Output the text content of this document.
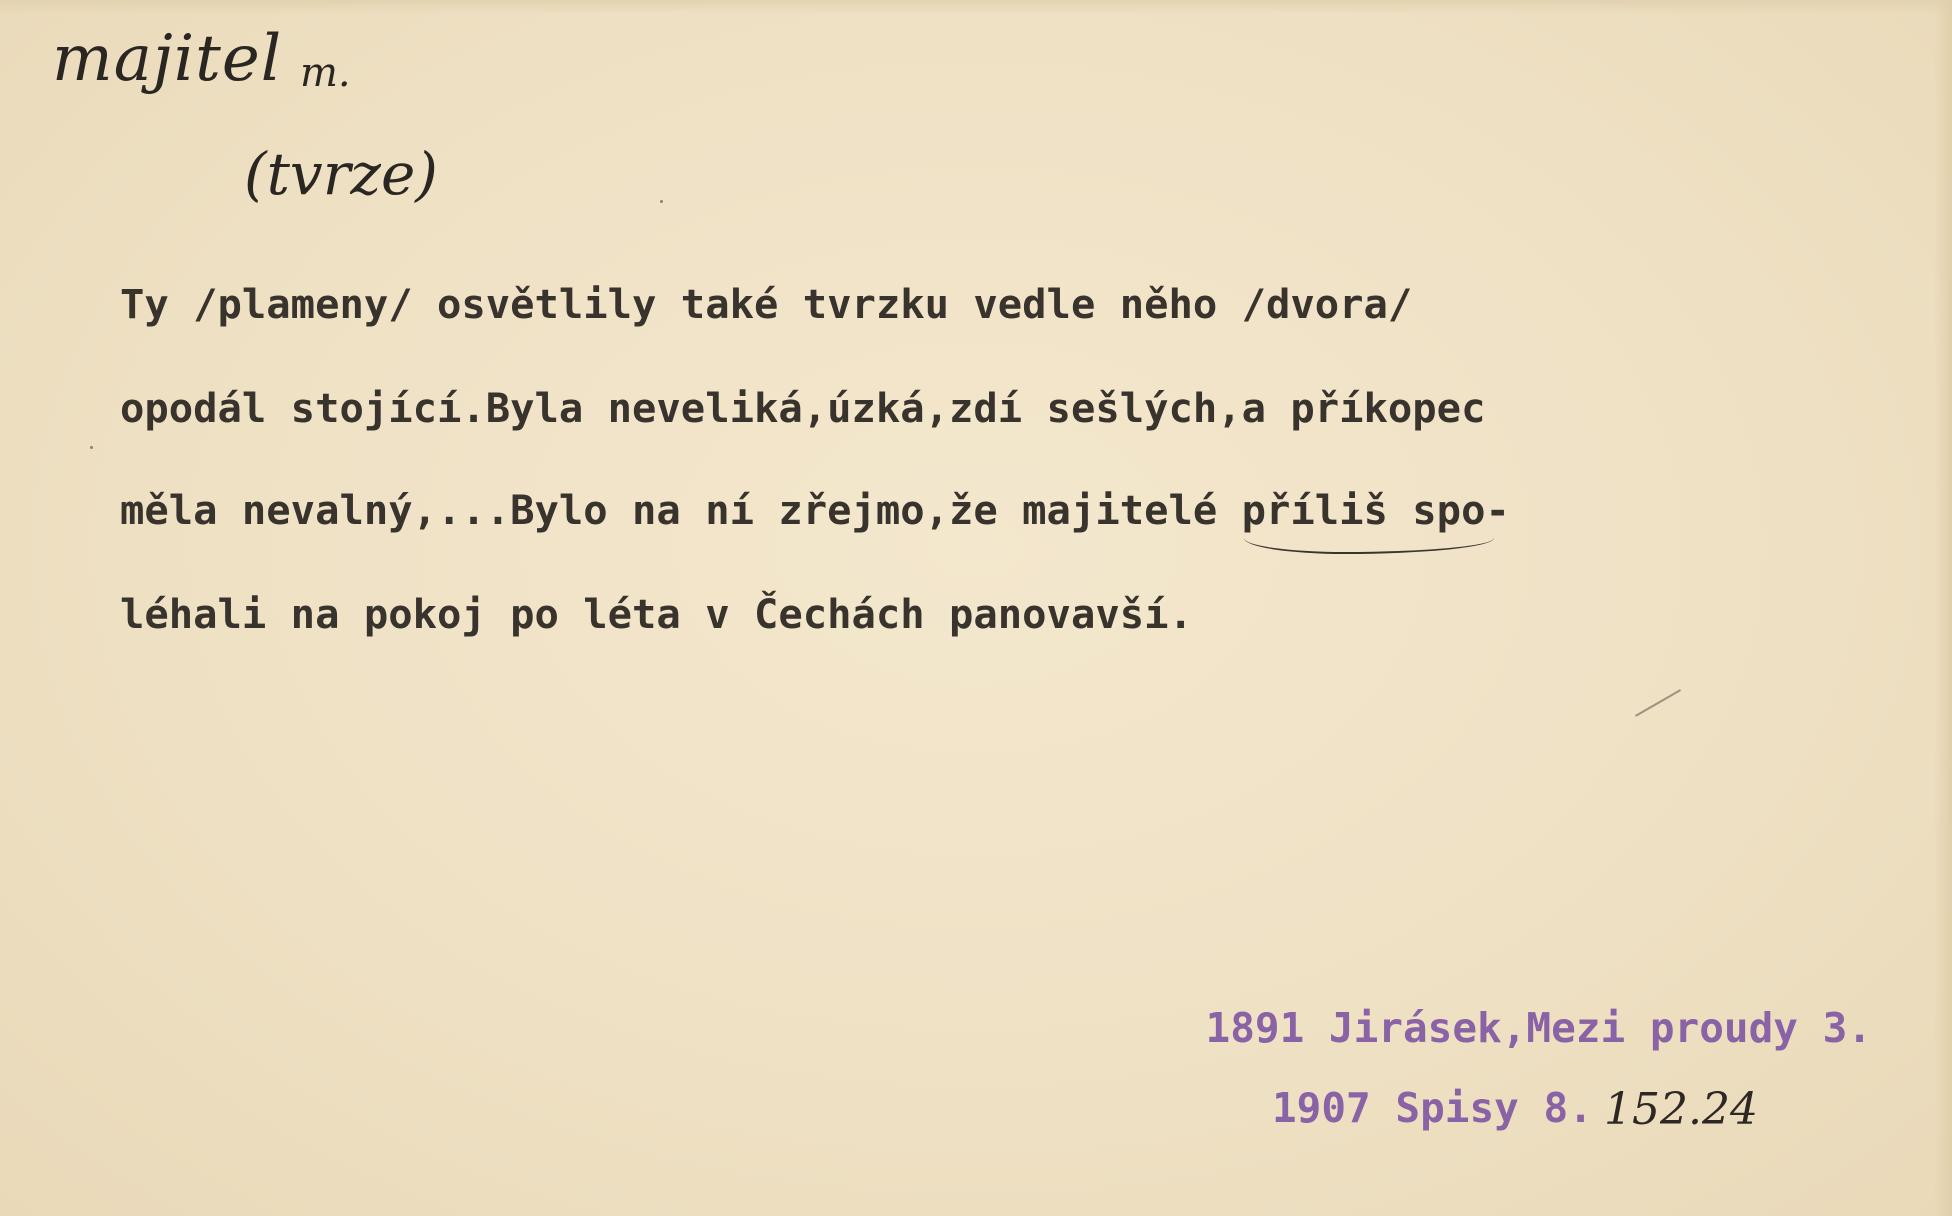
majitel m.
(tvrze)
Ty /plameny/ osvětlily také tvrzku vedle něho /dvora/
opodál stojící.Byla neveliká,úzká,zdí sešlých,a příkopec
měla nevalný,...Bylo na ní zřejmo,že majitelé příliš spo-
léhali na pokoj po léta v Čechách panovavší.
1891 Jirásek,Mezi proudy 3.
1907 Spisy 8. 152.24
